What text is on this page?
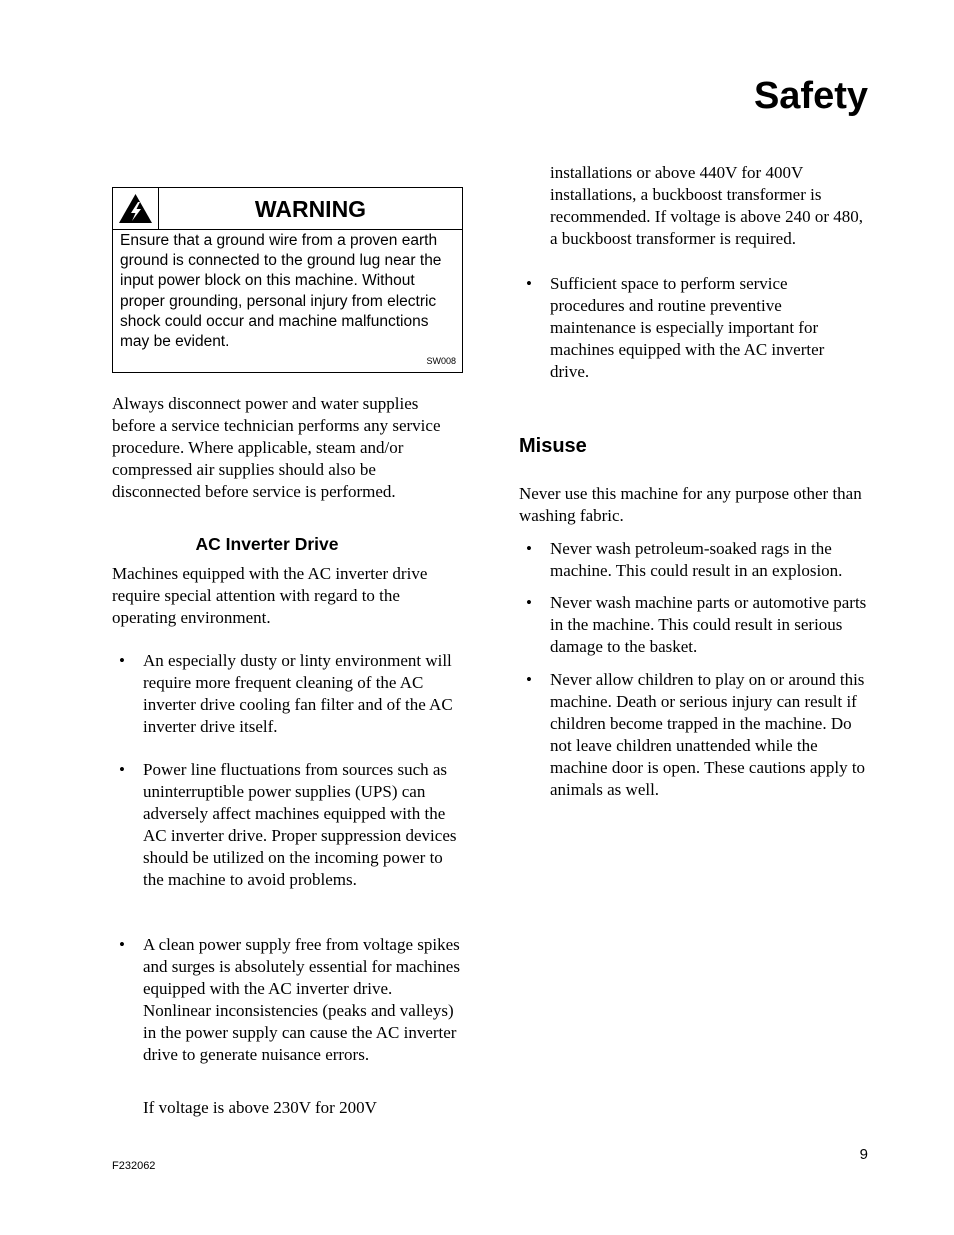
Safety
WARNING
Ensure that a ground wire from a proven earth ground is connected to the ground lug near the input power block on this machine. Without proper grounding, personal injury from electric shock could occur and machine malfunctions may be evident.
SW008

Always disconnect power and water supplies before a service technician performs any service procedure. Where applicable, steam and/or compressed air supplies should also be disconnected before service is performed.

AC Inverter Drive

Machines equipped with the AC inverter drive require special attention with regard to the operating environment.

• An especially dusty or linty environment will require more frequent cleaning of the AC inverter drive cooling fan filter and of the AC inverter drive itself.
• Power line fluctuations from sources such as uninterruptible power supplies (UPS) can adversely affect machines equipped with the AC inverter drive. Proper suppression devices should be utilized on the incoming power to the machine to avoid problems.
• A clean power supply free from voltage spikes and surges is absolutely essential for machines equipped with the AC inverter drive. Nonlinear inconsistencies (peaks and valleys) in the power supply can cause the AC inverter drive to generate nuisance errors.

If voltage is above 230V for 200V

installations or above 440V for 400V installations, a buckboost transformer is recommended. If voltage is above 240 or 480, a buckboost transformer is required.

• Sufficient space to perform service procedures and routine preventive maintenance is especially important for machines equipped with the AC inverter drive.
Misuse

Never use this machine for any purpose other than washing fabric.

• Never wash petroleum-soaked rags in the machine. This could result in an explosion.
• Never wash machine parts or automotive parts in the machine. This could result in serious damage to the basket.
• Never allow children to play on or around this machine. Death or serious injury can result if children become trapped in the machine. Do not leave children unattended while the machine door is open. These cautions apply to animals as well.
F232062
9
